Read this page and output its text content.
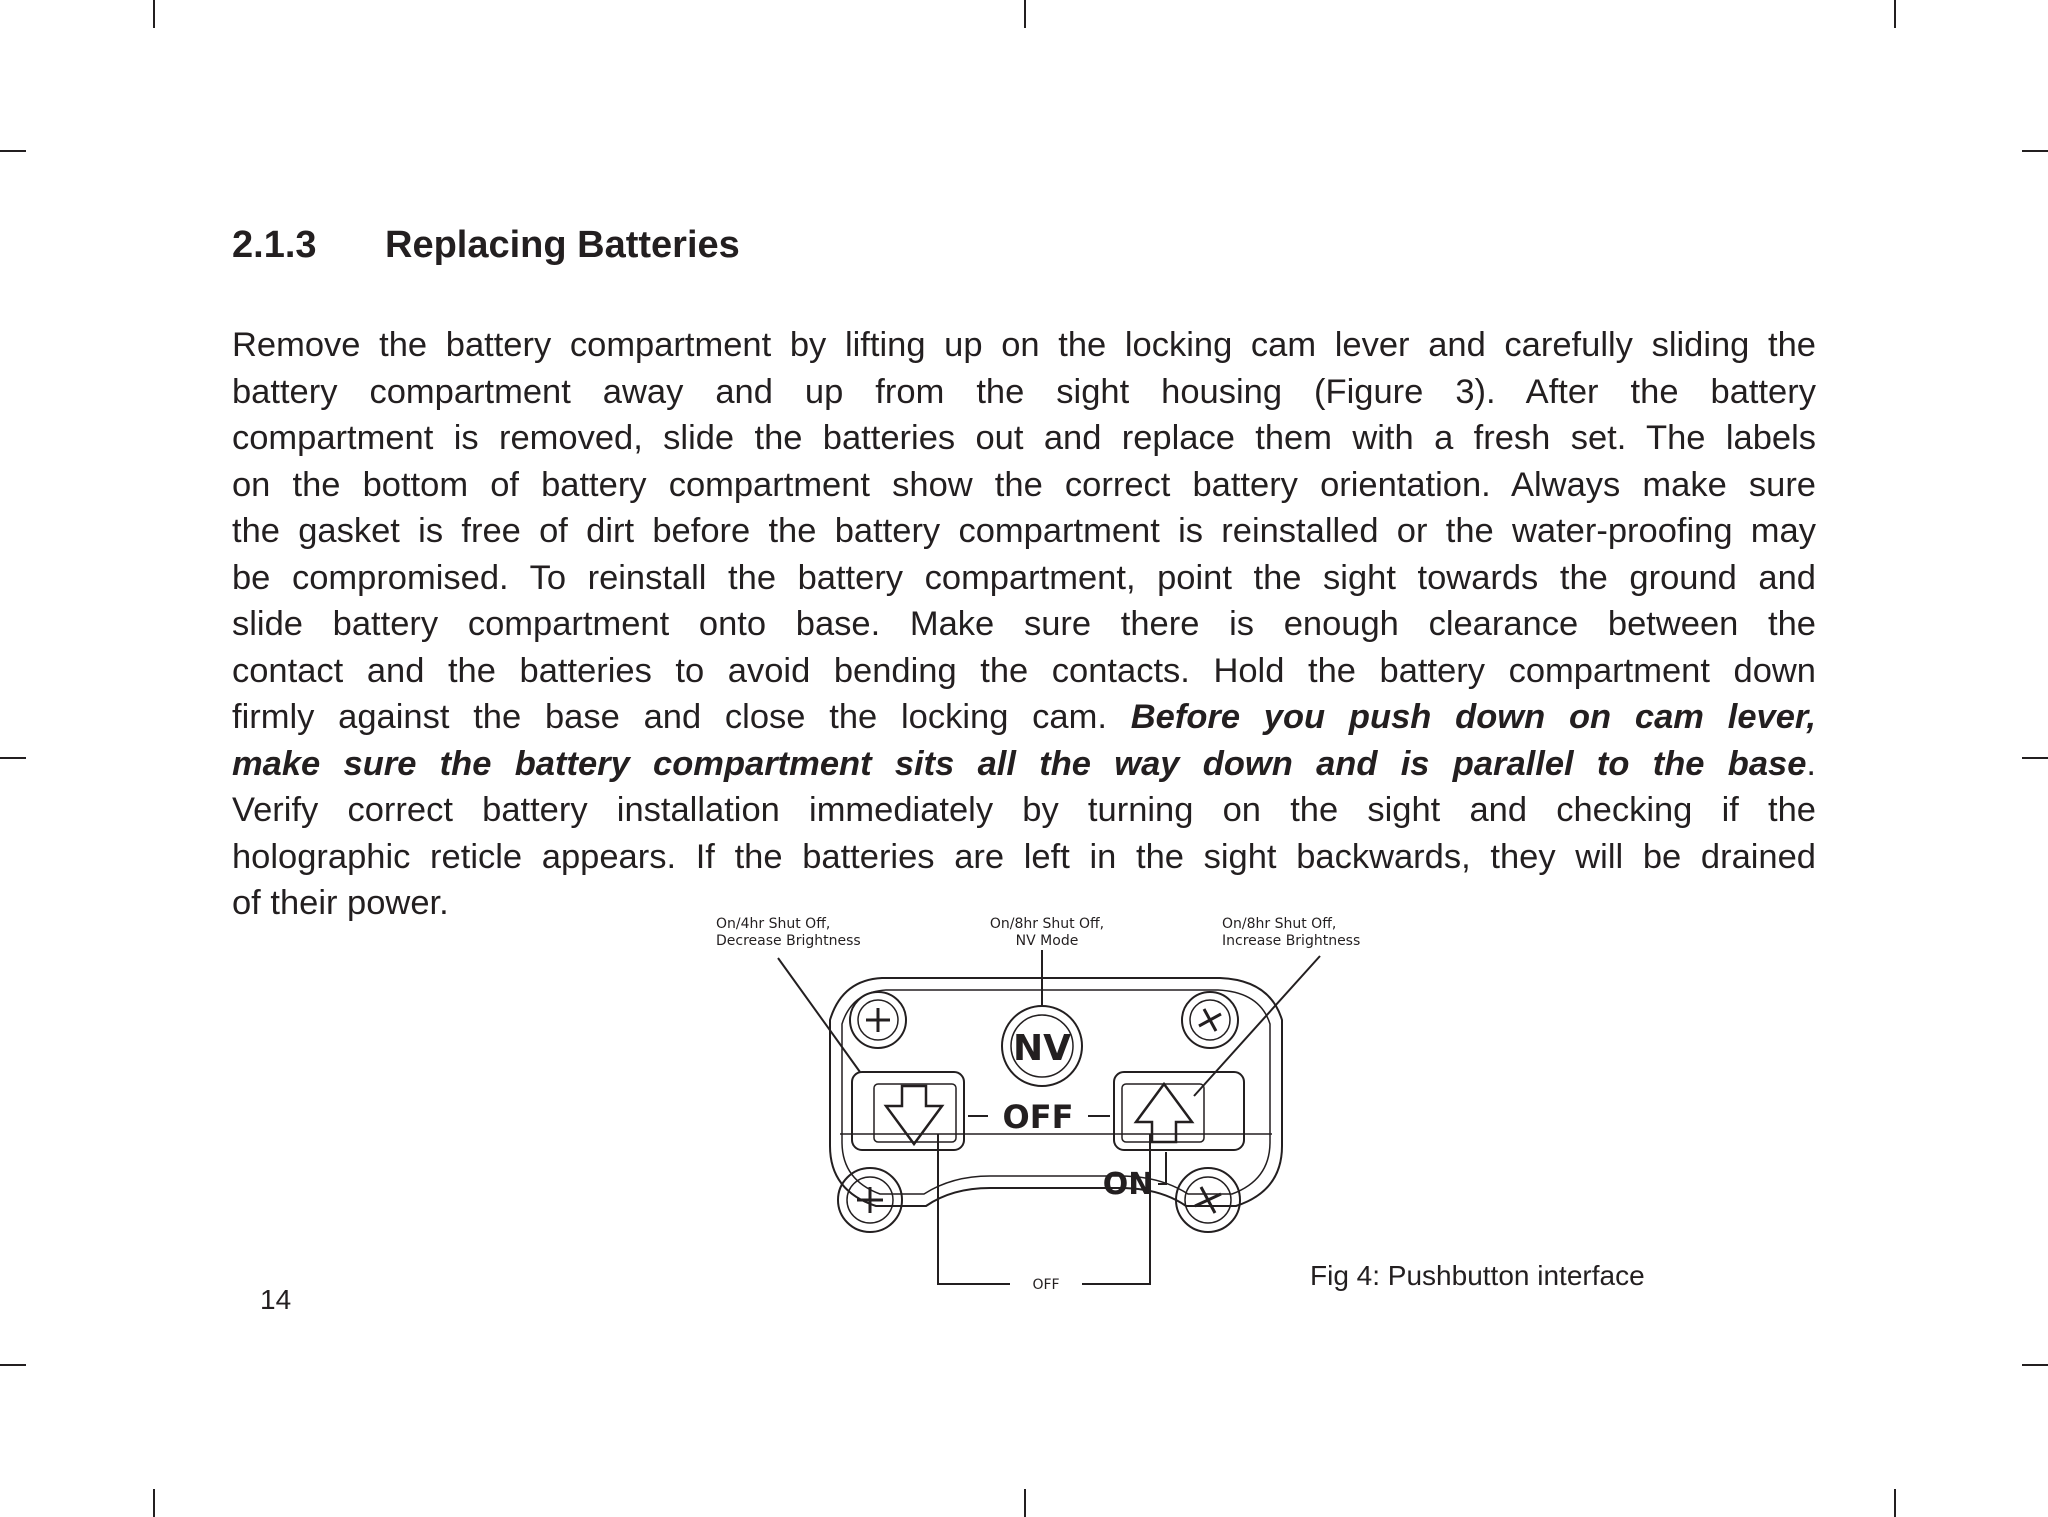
2.1.3 Replacing Batteries

Remove the battery compartment by lifting up on the locking cam lever and carefully sliding the
battery compartment away and up from the sight housing (Figure 3). After the battery
compartment is removed, slide the batteries out and replace them with a fresh set. The labels
on the bottom of battery compartment show the correct battery orientation. Always make sure
the gasket is free of dirt before the battery compartment is reinstalled or the water-proofing may
be compromised. To reinstall the battery compartment, point the sight towards the ground and
slide battery compartment onto base. Make sure there is enough clearance between the
contact and the batteries to avoid bending the contacts. Hold the battery compartment down
firmly against the base and close the locking cam. Before you push down on cam lever,
make sure the battery compartment sits all the way down and is parallel to the base.
Verify correct battery installation immediately by turning on the sight and checking if the
holographic reticle appears. If the batteries are left in the sight backwards, they will be drained
of their power.

On/4hr Shut Off,
Decrease Brightness
On/8hr Shut Off,
NV Mode
On/8hr Shut Off,
Increase Brightness
NV
OFF
ON
OFF	Fig 4: Pushbutton interface

14
